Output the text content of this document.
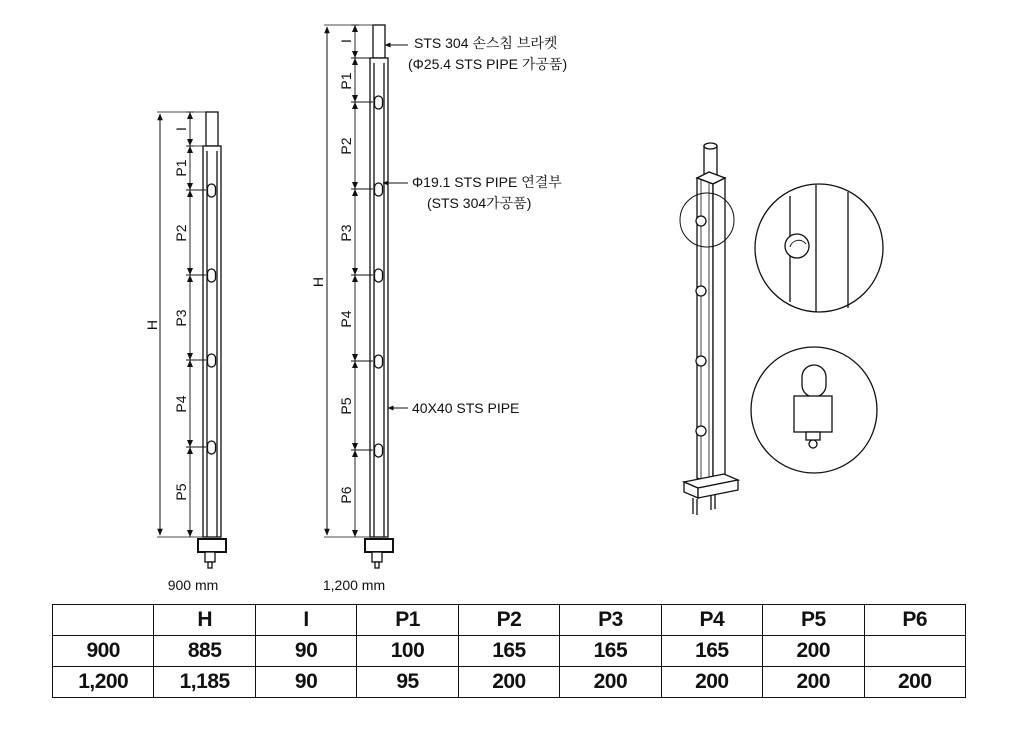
H
I
P1
P2
P3
P4
P5
900 mm
H
I
P1
P2
P3
P4
P5
P6
1,200 mm
STS 304 손스침 브라켓
(Φ25.4 STS PIPE 가공품)
Φ19.1 STS PIPE 연결부
(STS 304가공품)
40X40 STS PIPE
	H	I	P1	P2	P3	P4	P5	P6
900	885	90	100	165	165	165	200	
1,200	1,185	90	95	200	200	200	200	200
